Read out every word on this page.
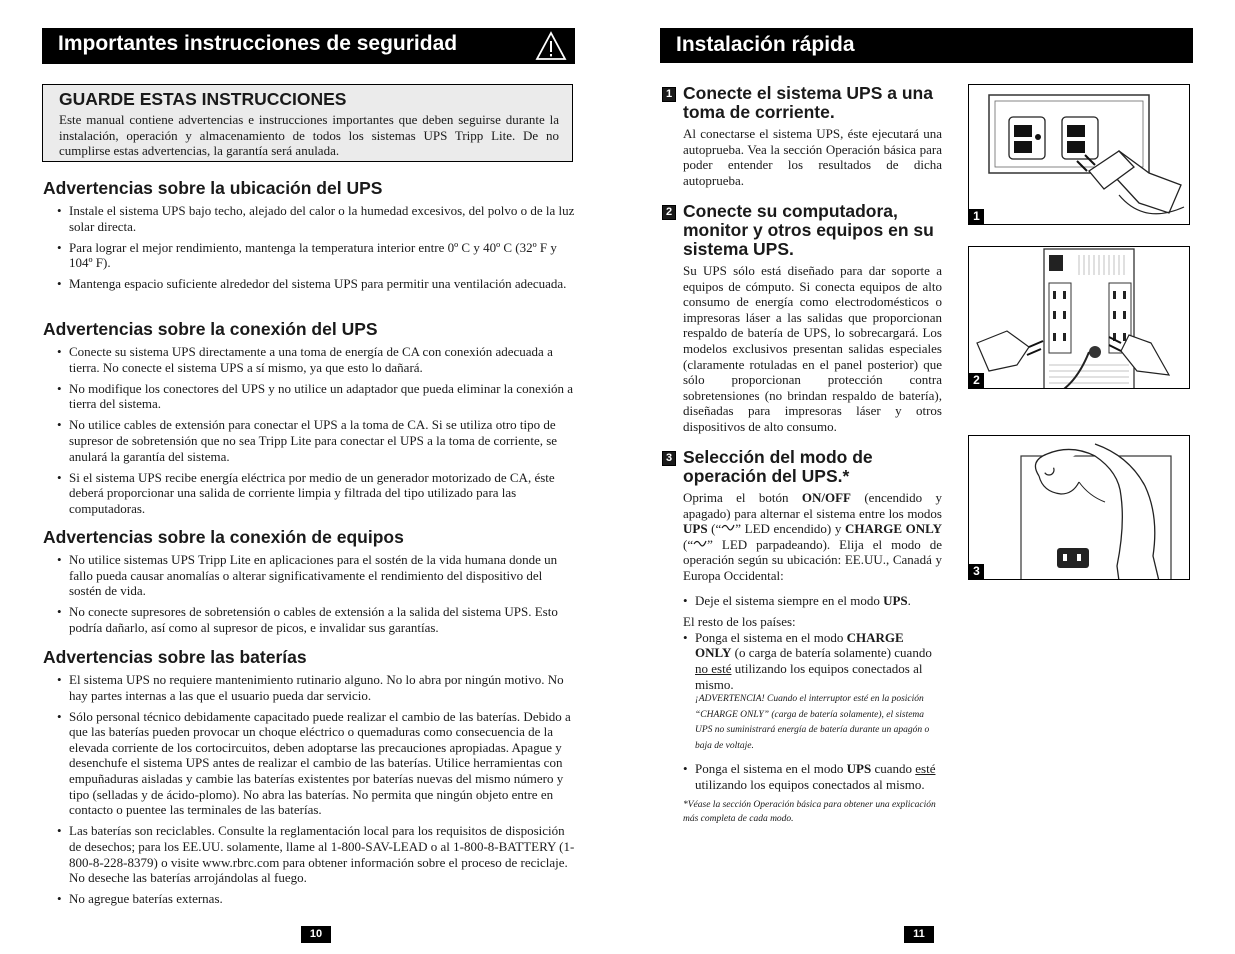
Importantes instrucciones de seguridad
GUARDE ESTAS INSTRUCCIONES

Este manual contiene advertencias e instrucciones importantes que deben seguirse durante la instalación, operación y almacenamiento de todos los sistemas UPS Tripp Lite. De no cumplirse estas advertencias, la garantía será anulada.

Advertencias sobre la ubicación del UPS
• Instale el sistema UPS bajo techo, alejado del calor o la humedad excesivos, del polvo o de la luz solar directa.
• Para lograr el mejor rendimiento, mantenga la temperatura interior entre 0º C y 40º C (32º F y 104º F).
• Mantenga espacio suficiente alrededor del sistema UPS para permitir una ventilación adecuada.
Advertencias sobre la conexión del UPS
• Conecte su sistema UPS directamente a una toma de energía de CA con conexión adecuada a tierra. No conecte el sistema UPS a sí mismo, ya que esto lo dañará.
• No modifique los conectores del UPS y no utilice un adaptador que pueda eliminar la conexión a tierra del sistema.
• No utilice cables de extensión para conectar el UPS a la toma de CA. Si se utiliza otro tipo de supresor de sobretensión que no sea Tripp Lite para conectar el UPS a la toma de corriente, se anulará la garantía del sistema.
• Si el sistema UPS recibe energía eléctrica por medio de un generador motorizado de CA, éste deberá proporcionar una salida de corriente limpia y filtrada del tipo utilizado para las computadoras.
Advertencias sobre la conexión de equipos
• No utilice sistemas UPS Tripp Lite en aplicaciones para el sostén de la vida humana donde un fallo pueda causar anomalías o alterar significativamente el rendimiento del dispositivo del sostén de vida.
• No conecte supresores de sobretensión o cables de extensión a la salida del sistema UPS. Esto podría dañarlo, así como al supresor de picos, e invalidar sus garantías.
Advertencias sobre las baterías
• El sistema UPS no requiere mantenimiento rutinario alguno. No lo abra por ningún motivo. No hay partes internas a las que el usuario pueda dar servicio.
• Sólo personal técnico debidamente capacitado puede realizar el cambio de las baterías. Debido a que las baterías pueden provocar un choque eléctrico o quemaduras como consecuencia de la elevada corriente de los cortocircuitos, deben adoptarse las precauciones apropiadas. Apague y desenchufe el sistema UPS antes de realizar el cambio de las baterías. Utilice herramientas con empuñaduras aisladas y cambie las baterías existentes por baterías nuevas del mismo número y tipo (selladas y de ácido-plomo). No abra las baterías. No permita que ningún objeto entre en contacto o puentee las terminales de las baterías.
• Las baterías son reciclables. Consulte la reglamentación local para los requisitos de disposición de desechos; para los EE.UU. solamente, llame al 1-800-SAV-LEAD o al 1-800-8-BATTERY (1-800-8-228-8379) o visite www.rbrc.com para obtener información sobre el proceso de reciclaje. No deseche las baterías arrojándolas al fuego.
• No agregue baterías externas.
10
Instalación rápida
1 Conecte el sistema UPS a una toma de corriente.

Al conectarse el sistema UPS, éste ejecutará una autoprueba. Vea la sección Operación básica para poder entender los resultados de dicha autoprueba.

2 Conecte su computadora, monitor y otros equipos en su sistema UPS.

Su UPS sólo está diseñado para dar soporte a equipos de cómputo. Si conecta equipos de alto consumo de energía como electrodomésticos o impresoras láser a las salidas que proporcionan respaldo de batería de UPS, lo sobrecargará. Los modelos exclusivos presentan salidas especiales (claramente rotuladas en el panel posterior) que sólo proporcionan protección contra sobretensiones (no brindan respaldo de batería), diseñadas para impresoras láser y otros dispositivos de alto consumo.

3 Selección del modo de operación del UPS.*

Oprima el botón ON/OFF (encendido y apagado) para alternar el sistema entre los modos UPS (“ ” LED encendido) y CHARGE ONLY (“ ” LED parpadeando). Elija el modo de operación según su ubicación: EE.UU., Canadá y Europa Occidental:

• Deje el sistema siempre en el modo UPS.

El resto de los países:

• Ponga el sistema en el modo CHARGE ONLY (o carga de batería solamente) cuando no esté utilizando los equipos conectados al mismo.

¡ADVERTENCIA! Cuando el interruptor esté en la posición “CHARGE ONLY” (carga de batería solamente), el sistema UPS no suministrará energía de batería durante un apagón o baja de voltaje.

• Ponga el sistema en el modo UPS cuando esté utilizando los equipos conectados al mismo.

*Véase la sección Operación básica para obtener una explicación más completa de cada modo.

1
2
3
11
